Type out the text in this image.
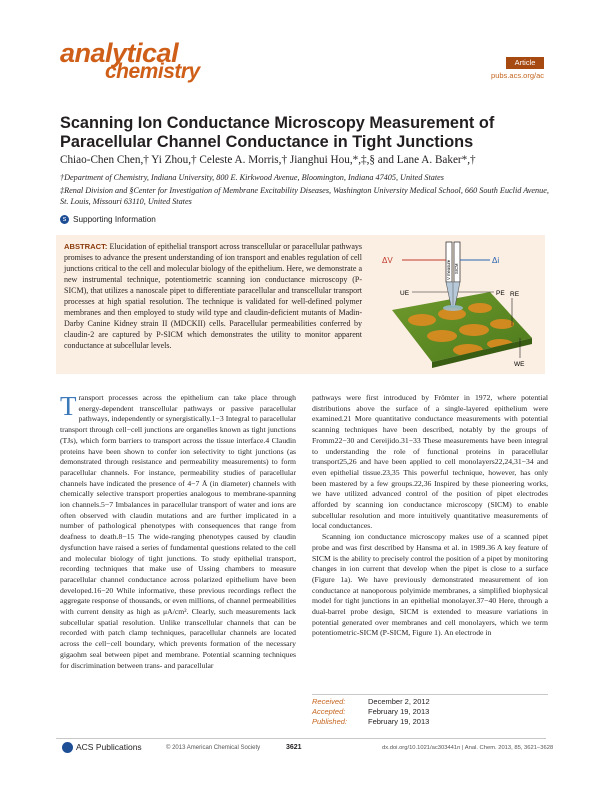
analytical
chemistry	Article
pubs.acs.org/ac
Scanning Ion Conductance Microscopy Measurement of Paracellular Channel Conductance in Tight Junctions
Chiao-Chen Chen,† Yi Zhou,† Celeste A. Morris,† Jianghui Hou,*,‡,§ and Lane A. Baker*,†
†Department of Chemistry, Indiana University, 800 E. Kirkwood Avenue, Bloomington, Indiana 47405, United States
‡Renal Division and §Center for Investigation of Membrane Excitability Diseases, Washington University Medical School, 660 South Euclid Avenue, St. Louis, Missouri 63110, United States
s Supporting Information
ABSTRACT: Elucidation of epithelial transport across transcellular or paracellular pathways promises to advance the present understanding of ion transport and enables regulation of cell junctions critical to the cell and molecular biology of the epithelium. Here, we demonstrate a new instrumental technique, potentiometric scanning ion conductance microscopy (P-SICM), that utilizes a nanoscale pipet to differentiate paracellular and transcellular transport processes at high spatial resolution. The technique is validated for well-defined polymer membranes and then employed to study wild type and claudin-deficient mutants of Madin-Darby Canine Kidney strain II (MDCKII) cells. Paracellular permeabilities conferred by claudin-2 are captured by P-SICM which demonstrates the utility to monitor apparent conductance at subcellular levels.
ΔV	Δi
UE	PE RE
WE
V measure SICM
T ransport processes across the epithelium can take place through energy-dependent transcellular pathways or passive paracellular pathways, independently or synergistically.1−3 Integral to paracellular transport through cell−cell junctions are organelles known as tight junctions (TJs), which form barriers to transport across the tissue interface.4 Claudin proteins have been shown to confer ion selectivity to tight junctions (as demonstrated through resistance and permeability measurements) to form paracellular channels. For instance, permeability studies of paracellular channels have indicated the presence of 4−7 Å (in diameter) channels with chemically selective transport properties analogous to membrane-spanning ion channels.5−7 Imbalances in paracellular transport of water and ions are often observed with claudin mutations and are further implicated in a number of pathological phenotypes with consequences that range from deafness to death.8−15 The wide-ranging phenotypes caused by claudin dysfunction have raised a series of fundamental questions related to the cell and molecular biology of tight junctions. To study epithelial transport, recording techniques that make use of Ussing chambers to measure paracellular channel conductance across polarized epithelium have been developed.16−20 While informative, these previous recordings reflect the aggregate response of thousands, or even millions, of channel permeabilities with current density as high as μA/cm². Clearly, such measurements lack subcellular spatial resolution. Unlike transcellular channels that can be recorded with patch clamp techniques, paracellular channels are located across the cell−cell boundary, which prevents formation of the necessary gigaohm seal between pipet and membrane. Potential scanning techniques for discrimination between trans- and paracellular

pathways were first introduced by Frömter in 1972, where potential distributions above the surface of a single-layered epithelium were examined.21 More quantitative conductance measurements with potential scanning techniques have been described, notably by the groups of Fromm22−30 and Cereijido.31−33 These measurements have been integral to understanding the role of functional proteins in paracellular transport25,26 and have been applied to cell monolayers22,24,31−34 and even epithelial tissue.23,35 This powerful technique, however, has only been mastered by a few groups.22,36 Inspired by these pioneering works, we have utilized advanced control of the position of pipet electrodes afforded by scanning ion conductance microscopy (SICM) to enable subcellular resolution and more intuitively quantitative measurements of local conductances.

Scanning ion conductance microscopy makes use of a scanned pipet probe and was first described by Hansma et al. in 1989.36 A key feature of SICM is the ability to precisely control the position of a pipet by monitoring changes in ion current that develop when the pipet is close to a surface (Figure 1a). We have previously demonstrated measurement of ion conductance at nanoporous polyimide membranes, a simplified biophysical model for tight junctions in an epithelial monolayer.37−40 Here, through a dual-barrel probe design, SICM is extended to measure variations in potential generated over membranes and cell monolayers, which we term potentiometric-SICM (P-SICM, Figure 1). An electrode in

Received:	December 2, 2012
Accepted:	February 19, 2013
Published:	February 19, 2013
ACS Publications	© 2013 American Chemical Society	3621	dx.doi.org/10.1021/ac303441n | Anal. Chem. 2013, 85, 3621−3628
